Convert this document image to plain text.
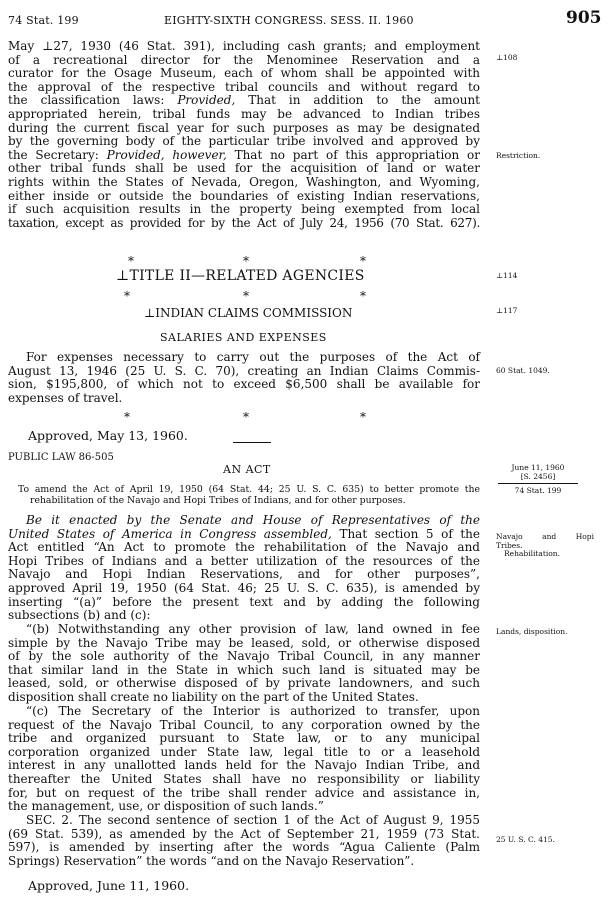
74 Stat. 199	EIGHTY-SIXTH CONGRESS. SESS. II. 1960	905
May ⊥27, 1930 (46 Stat. 391), including cash grants; and employment
of a recreational director for the Menominee Reservation and a
curator for the Osage Museum, each of whom shall be appointed with
the approval of the respective tribal councils and without regard to
the classification laws: Provided, That in addition to the amount
appropriated herein, tribal funds may be advanced to Indian tribes
during the current fiscal year for such purposes as may be designated
by the governing body of the particular tribe involved and approved by
the Secretary: Provided, however, That no part of this appropriation or
other tribal funds shall be used for the acquisition of land or water
rights within the States of Nevada, Oregon, Washington, and Wyoming,
either inside or outside the boundaries of existing Indian reservations,
if such acquisition results in the property being exempted from local
taxation, except as provided for by the Act of July 24, 1956 (70 Stat. 627).
*	*	*
⊥TITLE II—RELATED AGENCIES
*	*	*
⊥INDIAN CLAIMS COMMISSION
SALARIES AND EXPENSES
For expenses necessary to carry out the purposes of the Act of
August 13, 1946 (25 U. S. C. 70), creating an Indian Claims Commis-
sion, $195,800, of which not to exceed $6,500 shall be available for
expenses of travel.
*	*	*
Approved, May 13, 1960.
PUBLIC LAW 86-505
AN ACT
To amend the Act of April 19, 1950 (64 Stat. 44; 25 U. S. C. 635) to better promote the
rehabilitation of the Navajo and Hopi Tribes of Indians, and for other purposes.
Be it enacted by the Senate and House of Representatives of the
United States of America in Congress assembled, That section 5 of the
Act entitled “An Act to promote the rehabilitation of the Navajo and
Hopi Tribes of Indians and a better utilization of the resources of the
Navajo and Hopi Indian Reservations, and for other purposes”,
approved April 19, 1950 (64 Stat. 46; 25 U. S. C. 635), is amended by
inserting “(a)” before the present text and by adding the following
subsections (b) and (c):
“(b) Notwithstanding any other provision of law, land owned in fee
simple by the Navajo Tribe may be leased, sold, or otherwise disposed
of by the sole authority of the Navajo Tribal Council, in any manner
that similar land in the State in which such land is situated may be
leased, sold, or otherwise disposed of by private landowners, and such
disposition shall create no liability on the part of the United States.
“(c) The Secretary of the Interior is authorized to transfer, upon
request of the Navajo Tribal Council, to any corporation owned by the
tribe and organized pursuant to State law, or to any municipal
corporation organized under State law, legal title to or a leasehold
interest in any unallotted lands held for the Navajo Indian Tribe, and
thereafter the United States shall have no responsibility or liability
for, but on request of the tribe shall render advice and assistance in,
the management, use, or disposition of such lands.”
SEC. 2. The second sentence of section 1 of the Act of August 9, 1955
(69 Stat. 539), as amended by the Act of September 21, 1959 (73 Stat.
597), is amended by inserting after the words “Agua Caliente (Palm
Springs) Reservation” the words “and on the Navajo Reservation”.
Approved, June 11, 1960.
⊥108
Restriction.
⊥114
⊥117
60 Stat. 1049.
June 11, 1960
[S. 2456]
74 Stat. 199
Navajo and Hopi
Tribes.
Rehabilitation.
Lands, disposition.
25 U. S. C. 415.
